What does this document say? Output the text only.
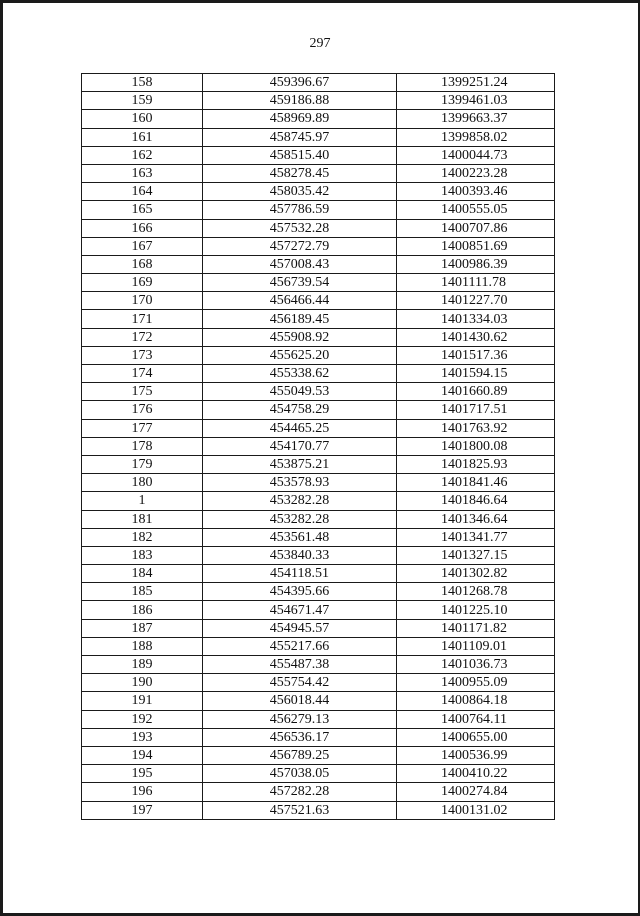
297
158	459396.67	1399251.24
159	459186.88	1399461.03
160	458969.89	1399663.37
161	458745.97	1399858.02
162	458515.40	1400044.73
163	458278.45	1400223.28
164	458035.42	1400393.46
165	457786.59	1400555.05
166	457532.28	1400707.86
167	457272.79	1400851.69
168	457008.43	1400986.39
169	456739.54	1401111.78
170	456466.44	1401227.70
171	456189.45	1401334.03
172	455908.92	1401430.62
173	455625.20	1401517.36
174	455338.62	1401594.15
175	455049.53	1401660.89
176	454758.29	1401717.51
177	454465.25	1401763.92
178	454170.77	1401800.08
179	453875.21	1401825.93
180	453578.93	1401841.46
1	453282.28	1401846.64
181	453282.28	1401346.64
182	453561.48	1401341.77
183	453840.33	1401327.15
184	454118.51	1401302.82
185	454395.66	1401268.78
186	454671.47	1401225.10
187	454945.57	1401171.82
188	455217.66	1401109.01
189	455487.38	1401036.73
190	455754.42	1400955.09
191	456018.44	1400864.18
192	456279.13	1400764.11
193	456536.17	1400655.00
194	456789.25	1400536.99
195	457038.05	1400410.22
196	457282.28	1400274.84
197	457521.63	1400131.02
